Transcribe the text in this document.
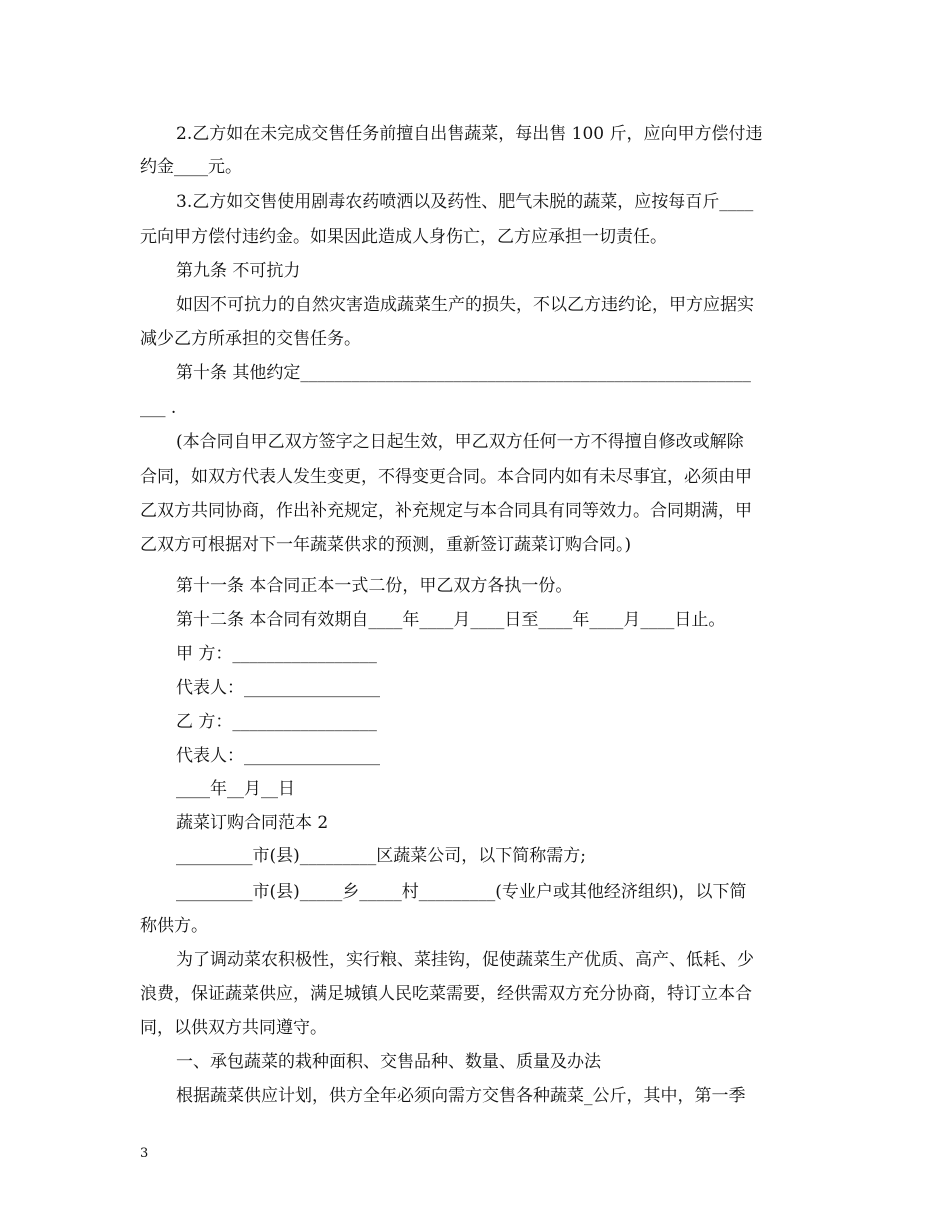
2.乙方如在未完成交售任务前擅自出售蔬菜，每出售 100 斤，应向甲方偿付违
约金____元。
3.乙方如交售使用剧毒农药喷洒以及药性、肥气未脱的蔬菜，应按每百斤____
元向甲方偿付违约金。如果因此造成人身伤亡，乙方应承担一切责任。
第九条 不可抗力
如因不可抗力的自然灾害造成蔬菜生产的损失，不以乙方违约论，甲方应据实
减少乙方所承担的交售任务。
第十条 其他约定_____________________________________________________
___ .
(本合同自甲乙双方签字之日起生效，甲乙双方任何一方不得擅自修改或解除
合同，如双方代表人发生变更，不得变更合同。本合同内如有未尽事宜，必须由甲
乙双方共同协商，作出补充规定，补充规定与本合同具有同等效力。合同期满，甲
乙双方可根据对下一年蔬菜供求的预测，重新签订蔬菜订购合同。)
第十一条 本合同正本一式二份，甲乙双方各执一份。
第十二条 本合同有效期自____年____月____日至____年____月____日止。
甲 方：_________________
代表人：________________
乙 方：_________________
代表人：________________
____年__月__日
蔬菜订购合同范本 2
_________市(县)_________区蔬菜公司，以下简称需方;
_________市(县)_____乡_____村_________(专业户或其他经济组织)，以下简
称供方。
为了调动菜农积极性，实行粮、菜挂钩，促使蔬菜生产优质、高产、低耗、少
浪费，保证蔬菜供应，满足城镇人民吃菜需要，经供需双方充分协商，特订立本合
同，以供双方共同遵守。
一、承包蔬菜的栽种面积、交售品种、数量、质量及办法
根据蔬菜供应计划，供方全年必须向需方交售各种蔬菜_公斤，其中，第一季
3
